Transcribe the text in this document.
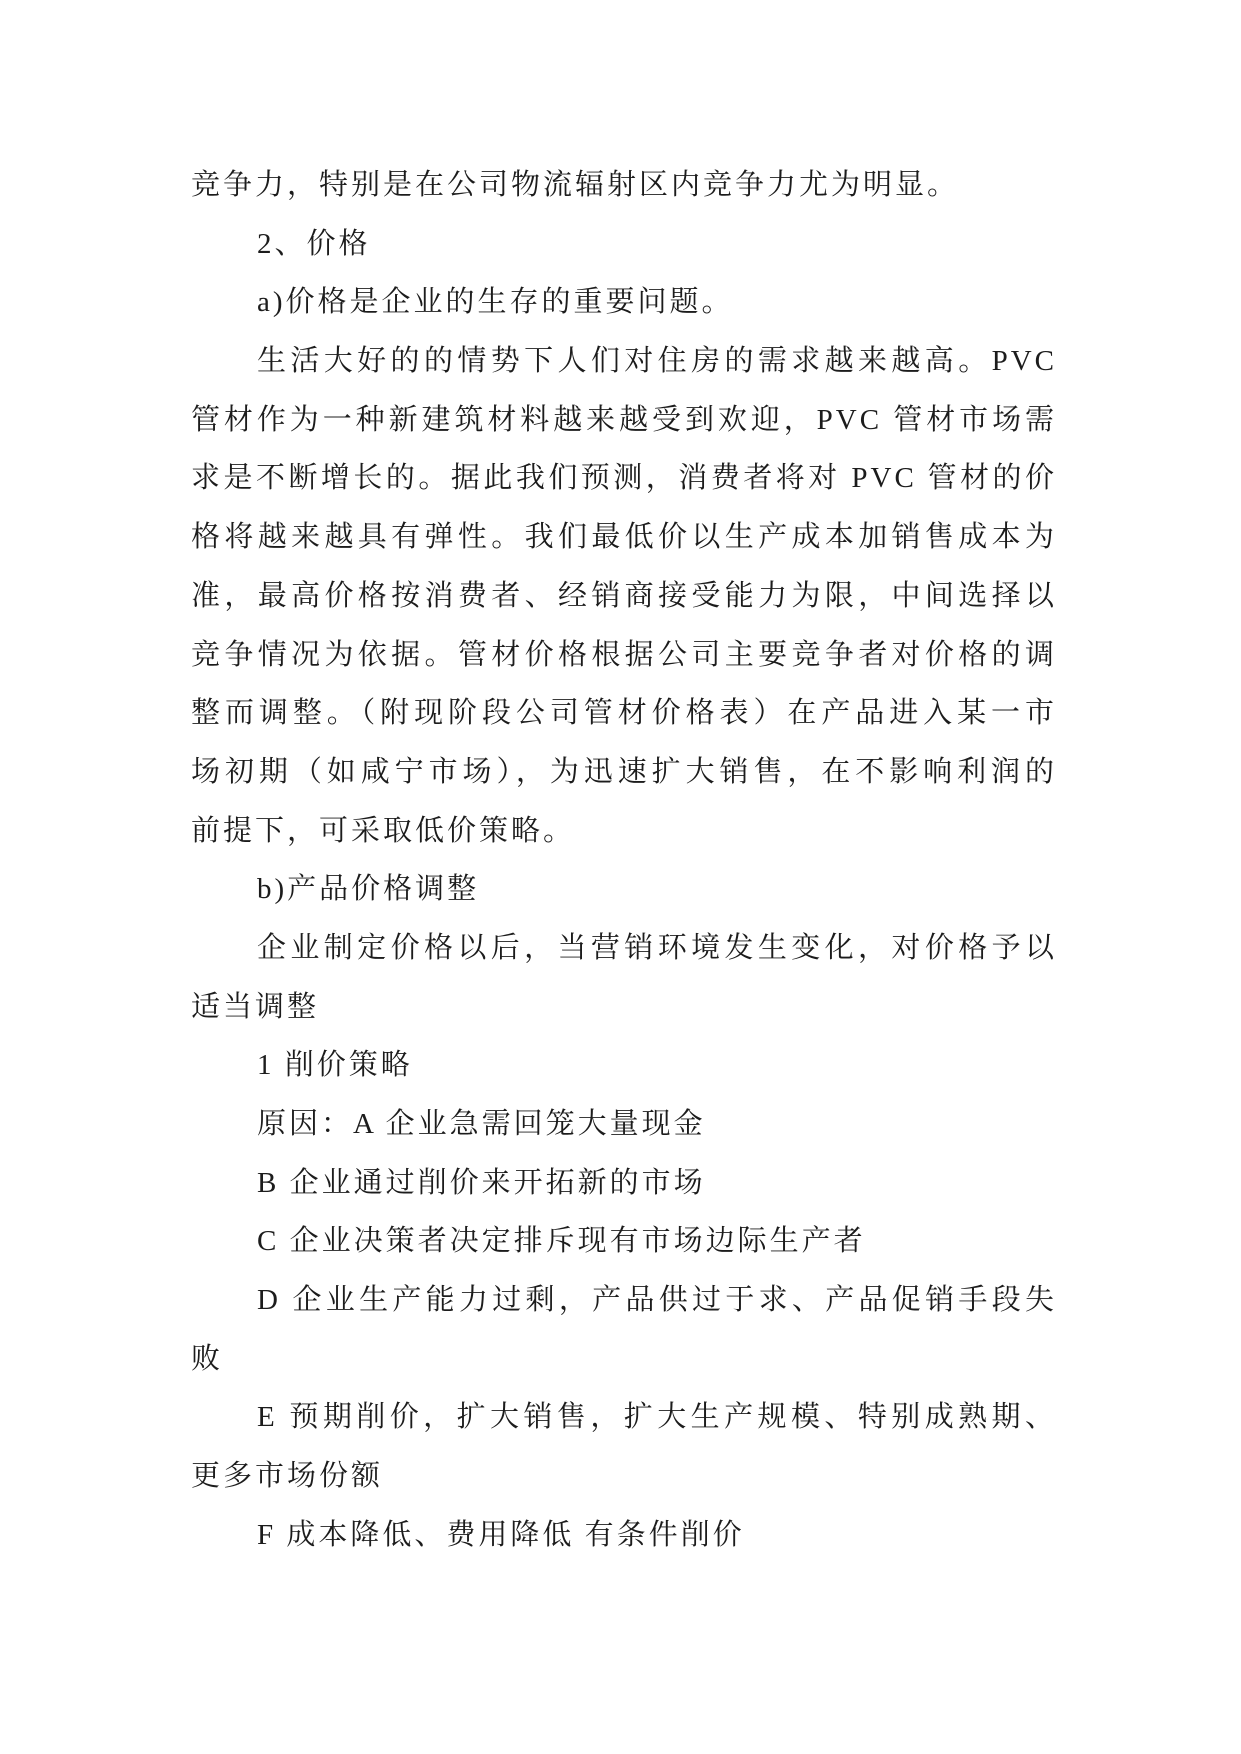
竞争力，特别是在公司物流辐射区内竞争力尤为明显。
2、价格
a)价格是企业的生存的重要问题。
生活大好的的情势下人们对住房的需求越来越高。PVC
管材作为一种新建筑材料越来越受到欢迎，PVC 管材市场需
求是不断增长的。据此我们预测，消费者将对 PVC 管材的价
格将越来越具有弹性。我们最低价以生产成本加销售成本为
准，最高价格按消费者、经销商接受能力为限，中间选择以
竞争情况为依据。管材价格根据公司主要竞争者对价格的调
整而调整。（附现阶段公司管材价格表）在产品进入某一市
场初期（如咸宁市场），为迅速扩大销售，在不影响利润的
前提下，可采取低价策略。
b)产品价格调整
企业制定价格以后，当营销环境发生变化，对价格予以
适当调整
1 削价策略
原因：A 企业急需回笼大量现金
B 企业通过削价来开拓新的市场
C 企业决策者决定排斥现有市场边际生产者
D 企业生产能力过剩，产品供过于求、产品促销手段失
败
E 预期削价，扩大销售，扩大生产规模、特别成熟期、
更多市场份额
F 成本降低、费用降低 有条件削价
